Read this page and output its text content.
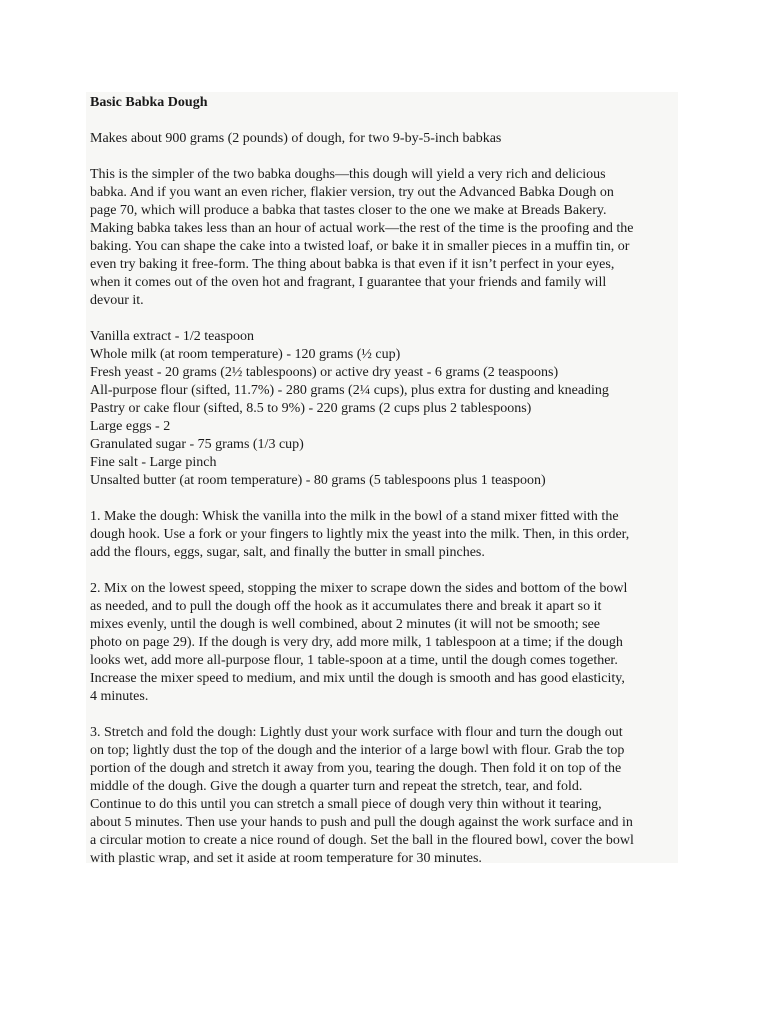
Basic Babka Dough
Makes about 900 grams (2 pounds) of dough, for two 9-by-5-inch babkas
This is the simpler of the two babka doughs—this dough will yield a very rich and delicious
babka. And if you want an even richer, flakier version, try out the Advanced Babka Dough on
page 70, which will produce a babka that tastes closer to the one we make at Breads Bakery.
Making babka takes less than an hour of actual work—the rest of the time is the proofing and the
baking. You can shape the cake into a twisted loaf, or bake it in smaller pieces in a muffin tin, or
even try baking it free-form. The thing about babka is that even if it isn’t perfect in your eyes,
when it comes out of the oven hot and fragrant, I guarantee that your friends and family will
devour it.
Vanilla extract - 1/2 teaspoon
Whole milk (at room temperature) - 120 grams (½ cup)
Fresh yeast - 20 grams (2½ tablespoons) or active dry yeast - 6 grams (2 teaspoons)
All-purpose flour (sifted, 11.7%) - 280 grams (2¼ cups), plus extra for dusting and kneading
Pastry or cake flour (sifted, 8.5 to 9%) - 220 grams (2 cups plus 2 tablespoons)
Large eggs - 2
Granulated sugar - 75 grams (1/3 cup)
Fine salt - Large pinch
Unsalted butter (at room temperature) - 80 grams (5 tablespoons plus 1 teaspoon)
1. Make the dough: Whisk the vanilla into the milk in the bowl of a stand mixer fitted with the
dough hook. Use a fork or your fingers to lightly mix the yeast into the milk. Then, in this order,
add the flours, eggs, sugar, salt, and finally the butter in small pinches.
2. Mix on the lowest speed, stopping the mixer to scrape down the sides and bottom of the bowl
as needed, and to pull the dough off the hook as it accumulates there and break it apart so it
mixes evenly, until the dough is well combined, about 2 minutes (it will not be smooth; see
photo on page 29). If the dough is very dry, add more milk, 1 tablespoon at a time; if the dough
looks wet, add more all-purpose flour, 1 table-spoon at a time, until the dough comes together.
Increase the mixer speed to medium, and mix until the dough is smooth and has good elasticity,
4 minutes.
3. Stretch and fold the dough: Lightly dust your work surface with flour and turn the dough out
on top; lightly dust the top of the dough and the interior of a large bowl with flour. Grab the top
portion of the dough and stretch it away from you, tearing the dough. Then fold it on top of the
middle of the dough. Give the dough a quarter turn and repeat the stretch, tear, and fold.
Continue to do this until you can stretch a small piece of dough very thin without it tearing,
about 5 minutes. Then use your hands to push and pull the dough against the work surface and in
a circular motion to create a nice round of dough. Set the ball in the floured bowl, cover the bowl
with plastic wrap, and set it aside at room temperature for 30 minutes.
